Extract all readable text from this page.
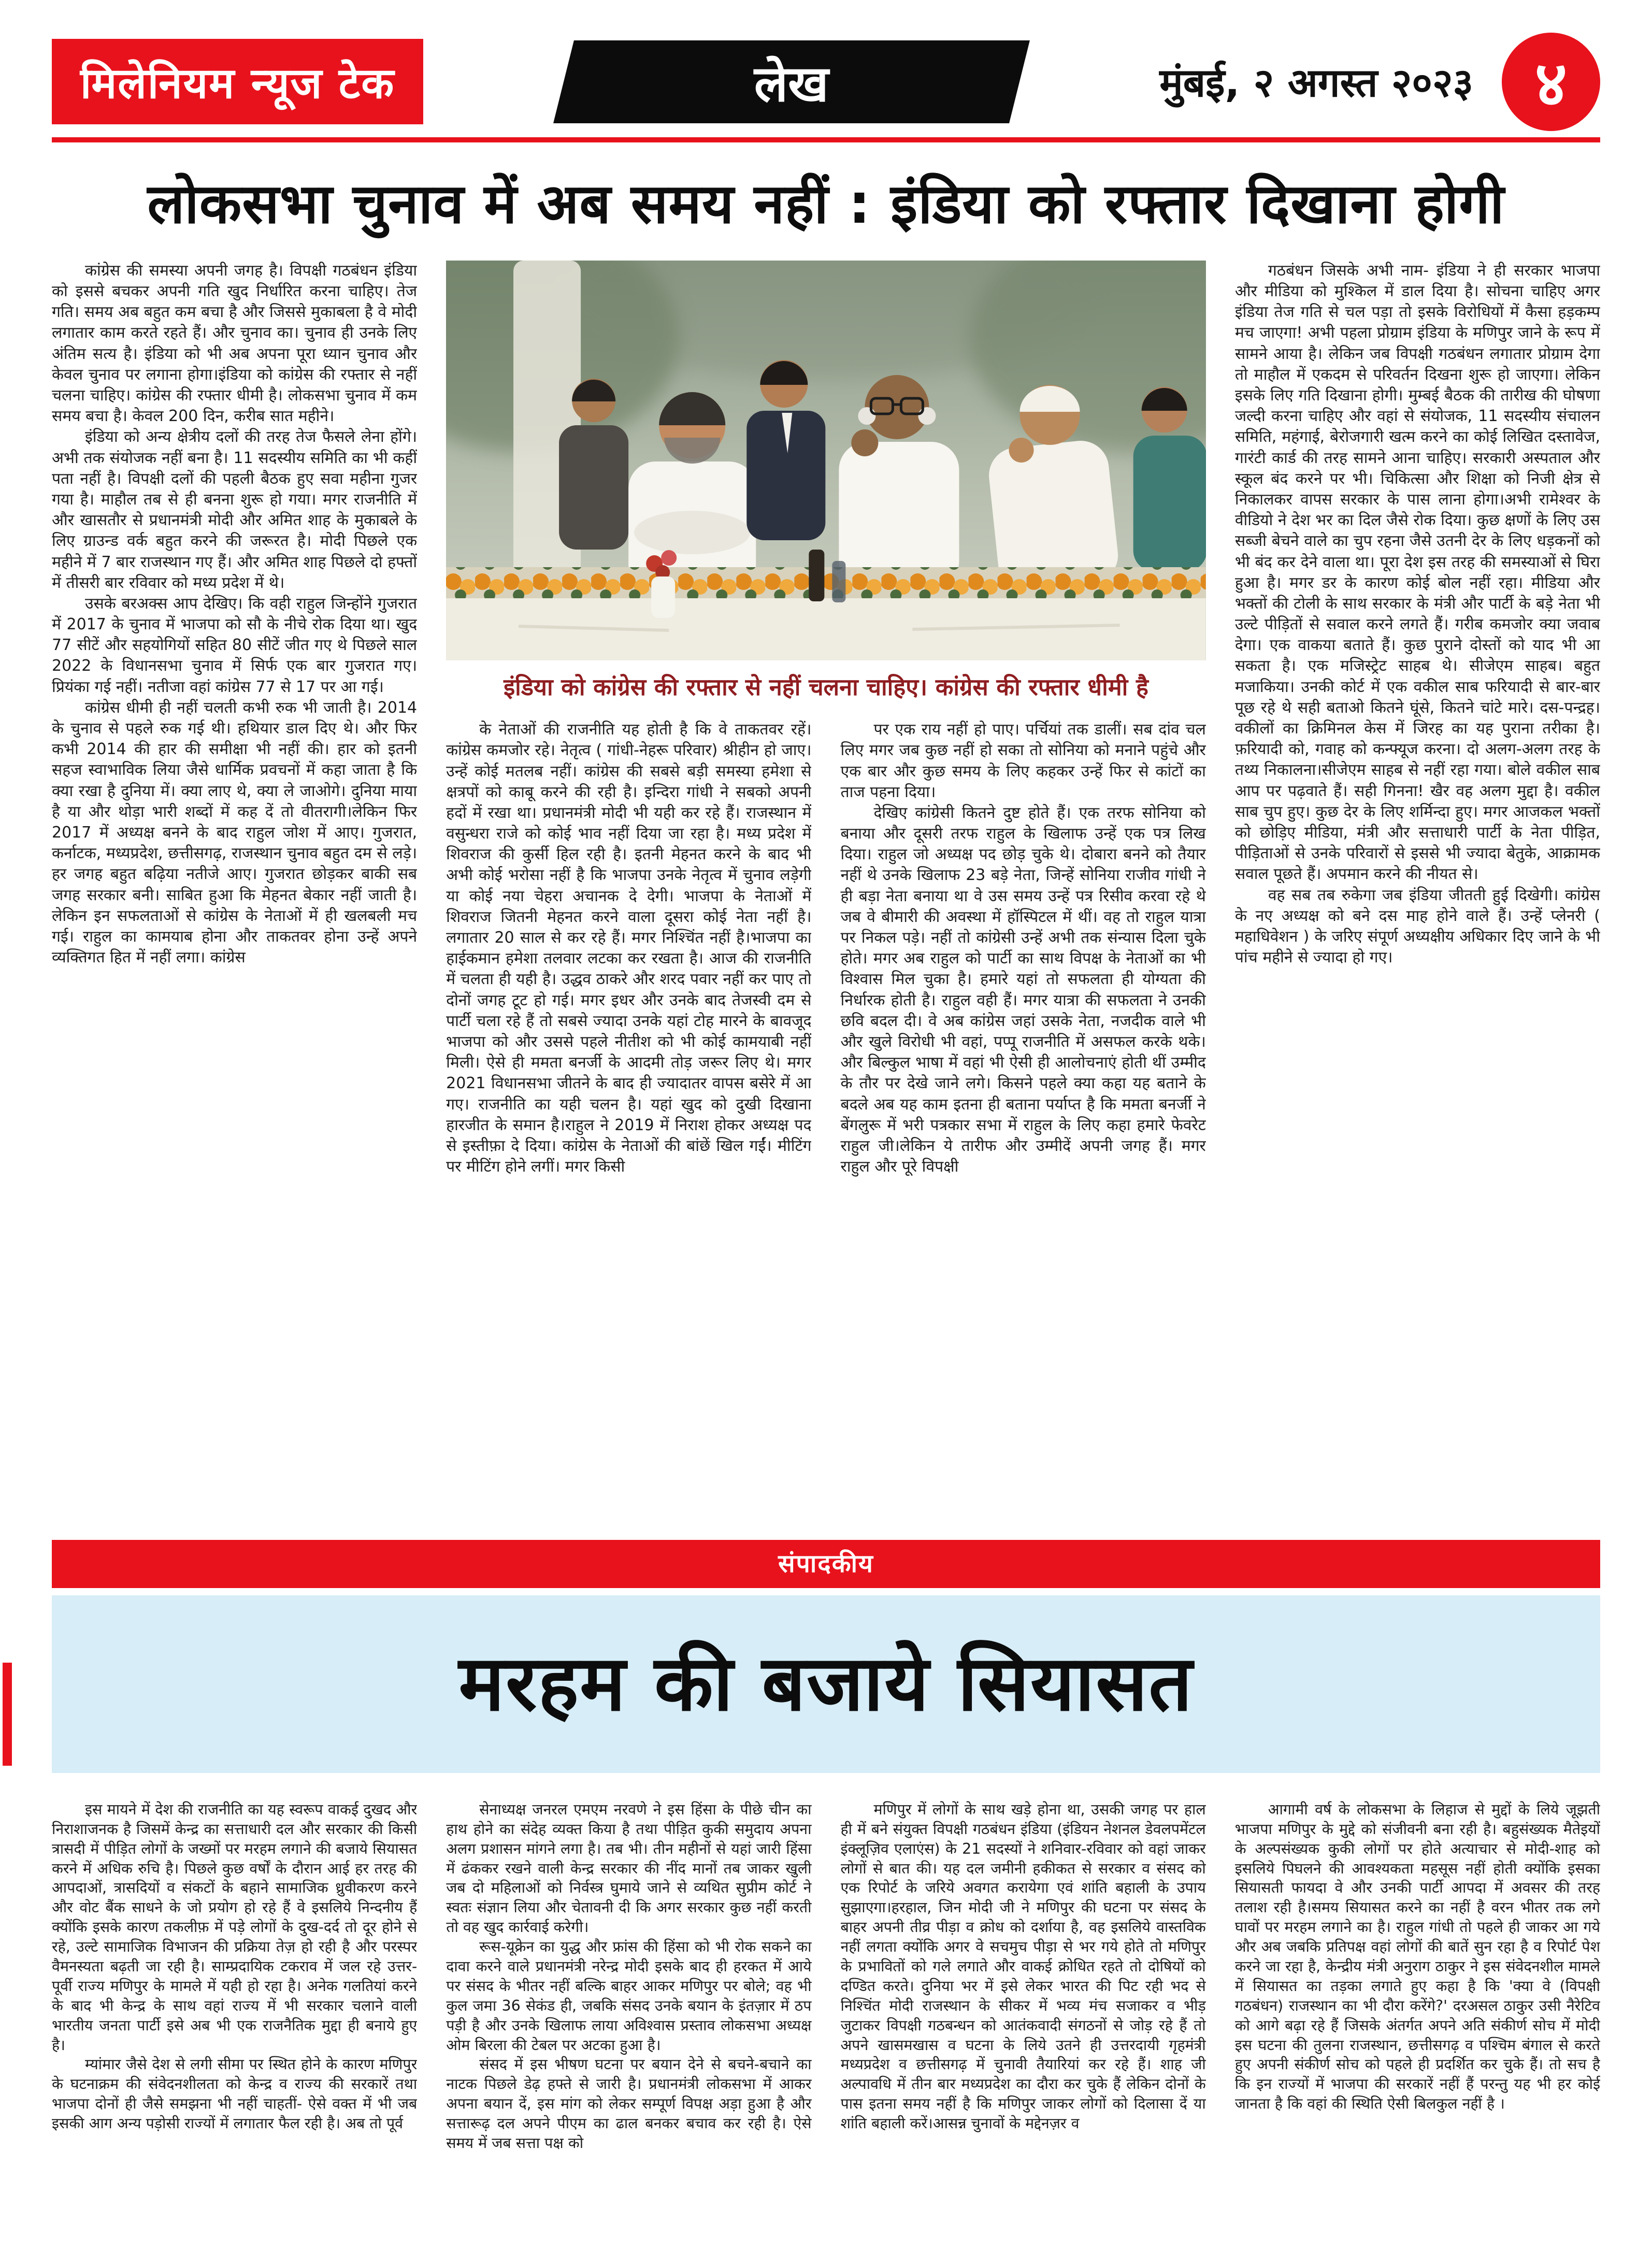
मिलेनियम न्यूज टेक	लेख	मुंबई, २ अगस्त २०२३ ४
लोकसभा चुनाव में अब समय नहीं : इंडिया को रफ्तार दिखाना होगी

कांग्रेस की समस्या अपनी जगह है। विपक्षी गठबंधन इंडिया को इससे बचकर अपनी गति खुद निर्धारित करना चाहिए। तेज गति। समय अब बहुत कम बचा है और जिससे मुकाबला है वे मोदी लगातार काम करते रहते हैं। और चुनाव का। चुनाव ही उनके लिए अंतिम सत्य है। इंडिया को भी अब अपना पूरा ध्यान चुनाव और केवल चुनाव पर लगाना होगा।इंडिया को कांग्रेस की रफ्तार से नहीं चलना चाहिए। कांग्रेस की रफ्तार धीमी है। लोकसभा चुनाव में कम समय बचा है। केवल 200 दिन, करीब सात महीने।

इंडिया को अन्य क्षेत्रीय दलों की तरह तेज फैसले लेना होंगे। अभी तक संयोजक नहीं बना है। 11 सदस्यीय समिति का भी कहीं पता नहीं है। विपक्षी दलों की पहली बैठक हुए सवा महीना गुजर गया है। माहौल तब से ही बनना शुरू हो गया। मगर राजनीति में और खासतौर से प्रधानमंत्री मोदी और अमित शाह के मुकाबले के लिए ग्राउन्ड वर्क बहुत करने की जरूरत है। मोदी पिछले एक महीने में 7 बार राजस्थान गए हैं। और अमित शाह पिछले दो हफ्तों में तीसरी बार रविवार को मध्य प्रदेश में थे।

उसके बरअक्स आप देखिए। कि वही राहुल जिन्होंने गुजरात में 2017 के चुनाव में भाजपा को सौ के नीचे रोक दिया था। खुद 77 सीटें और सहयोगियों सहित 80 सीटें जीत गए थे पिछले साल 2022 के विधानसभा चुनाव में सिर्फ एक बार गुजरात गए। प्रियंका गई नहीं। नतीजा वहां कांग्रेस 77 से 17 पर आ गई।

कांग्रेस धीमी ही नहीं चलती कभी रुक भी जाती है। 2014 के चुनाव से पहले रुक गई थी। हथियार डाल दिए थे। और फिर कभी 2014 की हार की समीक्षा भी नहीं की। हार को इतनी सहज स्वाभाविक लिया जैसे धार्मिक प्रवचनों में कहा जाता है कि क्या रखा है दुनिया में। क्या लाए थे, क्या ले जाओगे। दुनिया माया है या और थोड़ा भारी शब्दों में कह दें तो वीतरागी।लेकिन फिर 2017 में अध्यक्ष बनने के बाद राहुल जोश में आए। गुजरात, कर्नाटक, मध्यप्रदेश, छत्तीसगढ़, राजस्थान चुनाव बहुत दम से लड़े। हर जगह बहुत बढ़िया नतीजे आए। गुजरात छोड़कर बाकी सब जगह सरकार बनी। साबित हुआ कि मेहनत बेकार नहीं जाती है। लेकिन इन सफलताओं से कांग्रेस के नेताओं में ही खलबली मच गई। राहुल का कामयाब होना और ताकतवर होना उन्हें अपने व्यक्तिगत हित में नहीं लगा। कांग्रेस

इंडिया को कांग्रेस की रफ्तार से नहीं चलना चाहिए। कांग्रेस की रफ्तार धीमी है

के नेताओं की राजनीति यह होती है कि वे ताकतवर रहें। कांग्रेस कमजोर रहे। नेतृत्व ( गांधी-नेहरू परिवार) श्रीहीन हो जाए। उन्हें कोई मतलब नहीं। कांग्रेस की सबसे बड़ी समस्या हमेशा से क्षत्रपों को काबू करने की रही है। इन्दिरा गांधी ने सबको अपनी हदों में रखा था। प्रधानमंत्री मोदी भी यही कर रहे हैं। राजस्थान में वसुन्धरा राजे को कोई भाव नहीं दिया जा रहा है। मध्य प्रदेश में शिवराज की कुर्सी हिल रही है। इतनी मेहनत करने के बाद भी अभी कोई भरोसा नहीं है कि भाजपा उनके नेतृत्व में चुनाव लड़ेगी या कोई नया चेहरा अचानक दे देगी। भाजपा के नेताओं में शिवराज जितनी मेहनत करने वाला दूसरा कोई नेता नहीं है। लगातार 20 साल से कर रहे हैं। मगर निश्चिंत नहीं है।भाजपा का हाईकमान हमेशा तलवार लटका कर रखता है। आज की राजनीति में चलता ही यही है। उद्धव ठाकरे और शरद पवार नहीं कर पाए तो दोनों जगह टूट हो गई। मगर इधर और उनके बाद तेजस्वी दम से पार्टी चला रहे हैं तो सबसे ज्यादा उनके यहां टोह मारने के बावजूद भाजपा को और उससे पहले नीतीश को भी कोई कामयाबी नहीं मिली। ऐसे ही ममता बनर्जी के आदमी तोड़ जरूर लिए थे। मगर 2021 विधानसभा जीतने के बाद ही ज्यादातर वापस बसेरे में आ गए। राजनीति का यही चलन है। यहां खुद को दुखी दिखाना हारजीत के समान है।राहुल ने 2019 में निराश होकर अध्यक्ष पद से इस्तीफ़ा दे दिया। कांग्रेस के नेताओं की बांछें खिल गईं। मीटिंग पर मीटिंग होने लगीं। मगर किसी

पर एक राय नहीं हो पाए। पर्चियां तक डालीं। सब दांव चल लिए मगर जब कुछ नहीं हो सका तो सोनिया को मनाने पहुंचे और एक बार और कुछ समय के लिए कहकर उन्हें फिर से कांटों का ताज पहना दिया।

देखिए कांग्रेसी कितने दुष्ट होते हैं। एक तरफ सोनिया को बनाया और दूसरी तरफ राहुल के खिलाफ उन्हें एक पत्र लिख दिया। राहुल जो अध्यक्ष पद छोड़ चुके थे। दोबारा बनने को तैयार नहीं थे उनके खिलाफ 23 बड़े नेता, जिन्हें सोनिया राजीव गांधी ने ही बड़ा नेता बनाया था वे उस समय उन्हें पत्र रिसीव करवा रहे थे जब वे बीमारी की अवस्था में हॉस्पिटल में थीं। वह तो राहुल यात्रा पर निकल पड़े। नहीं तो कांग्रेसी उन्हें अभी तक संन्यास दिला चुके होते। मगर अब राहुल को पार्टी का साथ विपक्ष के नेताओं का भी विश्वास मिल चुका है। हमारे यहां तो सफलता ही योग्यता की निर्धारक होती है। राहुल वही हैं। मगर यात्रा की सफलता ने उनकी छवि बदल दी। वे अब कांग्रेस जहां उसके नेता, नजदीक वाले भी और खुले विरोधी भी वहां, पप्पू राजनीति में असफल करके थके। और बिल्कुल भाषा में वहां भी ऐसी ही आलोचनाएं होती थीं उम्मीद के तौर पर देखे जाने लगे। किसने पहले क्या कहा यह बताने के बदले अब यह काम इतना ही बताना पर्याप्त है कि ममता बनर्जी ने बेंगलुरू में भरी पत्रकार सभा में राहुल के लिए कहा हमारे फेवरेट राहुल जी।लेकिन ये तारीफ और उम्मीदें अपनी जगह हैं। मगर राहुल और पूरे विपक्षी

गठबंधन जिसके अभी नाम- इंडिया ने ही सरकार भाजपा और मीडिया को मुश्किल में डाल दिया है। सोचना चाहिए अगर इंडिया तेज गति से चल पड़ा तो इसके विरोधियों में कैसा हड़कम्प मच जाएगा! अभी पहला प्रोग्राम इंडिया के मणिपुर जाने के रूप में सामने आया है। लेकिन जब विपक्षी गठबंधन लगातार प्रोग्राम देगा तो माहौल में एकदम से परिवर्तन दिखना शुरू हो जाएगा। लेकिन इसके लिए गति दिखाना होगी। मुम्बई बैठक की तारीख की घोषणा जल्दी करना चाहिए और वहां से संयोजक, 11 सदस्यीय संचालन समिति, महंगाई, बेरोजगारी खत्म करने का कोई लिखित दस्तावेज, गारंटी कार्ड की तरह सामने आना चाहिए। सरकारी अस्पताल और स्कूल बंद करने पर भी। चिकित्सा और शिक्षा को निजी क्षेत्र से निकालकर वापस सरकार के पास लाना होगा।अभी रामेश्वर के वीडियो ने देश भर का दिल जैसे रोक दिया। कुछ क्षणों के लिए उस सब्जी बेचने वाले का चुप रहना जैसे उतनी देर के लिए धड़कनों को भी बंद कर देने वाला था। पूरा देश इस तरह की समस्याओं से घिरा हुआ है। मगर डर के कारण कोई बोल नहीं रहा। मीडिया और भक्तों की टोली के साथ सरकार के मंत्री और पार्टी के बड़े नेता भी उल्टे पीड़ितों से सवाल करने लगते हैं। गरीब कमजोर क्या जवाब देगा। एक वाकया बताते हैं। कुछ पुराने दोस्तों को याद भी आ सकता है। एक मजिस्ट्रेट साहब थे। सीजेएम साहब। बहुत मजाकिया। उनकी कोर्ट में एक वकील साब फरियादी से बार-बार पूछ रहे थे सही बताओ कितने घूंसे, कितने चांटे मारे। दस-पन्द्रह। वकीलों का क्रिमिनल केस में जिरह का यह पुराना तरीका है। फ़रियादी को, गवाह को कन्फ्यूज करना। दो अलग-अलग तरह के तथ्य निकालना।सीजेएम साहब से नहीं रहा गया। बोले वकील साब आप पर पढ़वाते हैं। सही गिनना! खैर वह अलग मुद्दा है। वकील साब चुप हुए। कुछ देर के लिए शर्मिन्दा हुए। मगर आजकल भक्तों को छोड़िए मीडिया, मंत्री और सत्ताधारी पार्टी के नेता पीड़ित, पीड़िताओं से उनके परिवारों से इससे भी ज्यादा बेतुके, आक्रामक सवाल पूछते हैं। अपमान करने की नीयत से।

वह सब तब रुकेगा जब इंडिया जीतती हुई दिखेगी। कांग्रेस के नए अध्यक्ष को बने दस माह होने वाले हैं। उन्हें प्लेनरी ( महाधिवेशन ) के जरिए संपूर्ण अध्यक्षीय अधिकार दिए जाने के भी पांच महीने से ज्यादा हो गए।

संपादकीय
मरहम की बजाये सियासत

इस मायने में देश की राजनीति का यह स्वरूप वाकई दुखद और निराशाजनक है जिसमें केन्द्र का सत्ताधारी दल और सरकार की किसी त्रासदी में पीड़ित लोगों के जख्मों पर मरहम लगाने की बजाये सियासत करने में अधिक रुचि है। पिछले कुछ वर्षों के दौरान आई हर तरह की आपदाओं, त्रासदियों व संकटों के बहाने सामाजिक ध्रुवीकरण करने और वोट बैंक साधने के जो प्रयोग हो रहे हैं वे इसलिये निन्दनीय हैं क्योंकि इसके कारण तकलीफ़ में पड़े लोगों के दुख-दर्द तो दूर होने से रहे, उल्टे सामाजिक विभाजन की प्रक्रिया तेज़ हो रही है और परस्पर वैमनस्यता बढ़ती जा रही है। साम्प्रदायिक टकराव में जल रहे उत्तर-पूर्वी राज्य मणिपुर के मामले में यही हो रहा है। अनेक गलतियां करने के बाद भी केन्द्र के साथ वहां राज्य में भी सरकार चलाने वाली भारतीय जनता पार्टी इसे अब भी एक राजनैतिक मुद्दा ही बनाये हुए है।

म्यांमार जैसे देश से लगी सीमा पर स्थित होने के कारण मणिपुर के घटनाक्रम की संवेदनशीलता को केन्द्र व राज्य की सरकारें तथा भाजपा दोनों ही जैसे समझना भी नहीं चाहतीं- ऐसे वक्त में भी जब इसकी आग अन्य पड़ोसी राज्यों में लगातार फैल रही है। अब तो पूर्व

सेनाध्यक्ष जनरल एमएम नरवणे ने इस हिंसा के पीछे चीन का हाथ होने का संदेह व्यक्त किया है तथा पीड़ित कुकी समुदाय अपना अलग प्रशासन मांगने लगा है। तब भी। तीन महीनों से यहां जारी हिंसा में ढंककर रखने वाली केन्द्र सरकार की नींद मानों तब जाकर खुली जब दो महिलाओं को निर्वस्त्र घुमाये जाने से व्यथित सुप्रीम कोर्ट ने स्वतः संज्ञान लिया और चेतावनी दी कि अगर सरकार कुछ नहीं करती तो वह खुद कार्रवाई करेगी।

रूस-यूक्रेन का युद्ध और फ्रांस की हिंसा को भी रोक सकने का दावा करने वाले प्रधानमंत्री नरेन्द्र मोदी इसके बाद ही हरकत में आये पर संसद के भीतर नहीं बल्कि बाहर आकर मणिपुर पर बोले; वह भी कुल जमा 36 सेकंड ही, जबकि संसद उनके बयान के इंतज़ार में ठप पड़ी है और उनके खिलाफ लाया अविश्वास प्रस्ताव लोकसभा अध्यक्ष ओम बिरला की टेबल पर अटका हुआ है।

संसद में इस भीषण घटना पर बयान देने से बचने-बचाने का नाटक पिछले डेढ़ हफ्ते से जारी है। प्रधानमंत्री लोकसभा में आकर अपना बयान दें, इस मांग को लेकर सम्पूर्ण विपक्ष अड़ा हुआ है और सत्तारूढ़ दल अपने पीएम का ढाल बनकर बचाव कर रही है। ऐसे समय में जब सत्ता पक्ष को

मणिपुर में लोगों के साथ खड़े होना था, उसकी जगह पर हाल ही में बने संयुक्त विपक्षी गठबंधन इंडिया (इंडियन नेशनल डेवलपमेंटल इंक्लूज़िव एलाएंस) के 21 सदस्यों ने शनिवार-रविवार को वहां जाकर लोगों से बात की। यह दल जमीनी हकीकत से सरकार व संसद को एक रिपोर्ट के जरिये अवगत करायेगा एवं शांति बहाली के उपाय सुझाएगा।हरहाल, जिन मोदी जी ने मणिपुर की घटना पर संसद के बाहर अपनी तीव्र पीड़ा व क्रोध को दर्शाया है, वह इसलिये वास्तविक नहीं लगता क्योंकि अगर वे सचमुच पीड़ा से भर गये होते तो मणिपुर के प्रभावितों को गले लगाते और वाकई क्रोधित रहते तो दोषियों को दण्डित करते। दुनिया भर में इसे लेकर भारत की पिट रही भद से निश्चिंत मोदी राजस्थान के सीकर में भव्य मंच सजाकर व भीड़ जुटाकर विपक्षी गठबन्धन को आतंकवादी संगठनों से जोड़ रहे हैं तो अपने खासमखास व घटना के लिये उतने ही उत्तरदायी गृहमंत्री मध्यप्रदेश व छत्तीसगढ़ में चुनावी तैयारियां कर रहे हैं। शाह जी अल्पावधि में तीन बार मध्यप्रदेश का दौरा कर चुके हैं लेकिन दोनों के पास इतना समय नहीं है कि मणिपुर जाकर लोगों को दिलासा दें या शांति बहाली करें।आसन्न चुनावों के मद्देनज़र व

आगामी वर्ष के लोकसभा के लिहाज से मुद्दों के लिये जूझती भाजपा मणिपुर के मुद्दे को संजीवनी बना रही है। बहुसंख्यक मैतेइयों के अल्पसंख्यक कुकी लोगों पर होते अत्याचार से मोदी-शाह को इसलिये पिघलने की आवश्यकता महसूस नहीं होती क्योंकि इसका सियासती फायदा वे और उनकी पार्टी आपदा में अवसर की तरह तलाश रही है।समय सियासत करने का नहीं है वरन भीतर तक लगे घावों पर मरहम लगाने का है। राहुल गांधी तो पहले ही जाकर आ गये और अब जबकि प्रतिपक्ष वहां लोगों की बातें सुन रहा है व रिपोर्ट पेश करने जा रहा है, केन्द्रीय मंत्री अनुराग ठाकुर ने इस संवेदनशील मामले में सियासत का तड़का लगाते हुए कहा है कि 'क्या वे (विपक्षी गठबंधन) राजस्थान का भी दौरा करेंगे?' दरअसल ठाकुर उसी नैरेटिव को आगे बढ़ा रहे हैं जिसके अंतर्गत अपने अति संकीर्ण सोच में मोदी इस घटना की तुलना राजस्थान, छत्तीसगढ़ व पश्चिम बंगाल से करते हुए अपनी संकीर्ण सोच को पहले ही प्रदर्शित कर चुके हैं। तो सच है कि इन राज्यों में भाजपा की सरकारें नहीं हैं परन्तु यह भी हर कोई जानता है कि वहां की स्थिति ऐसी बिलकुल नहीं है ।
